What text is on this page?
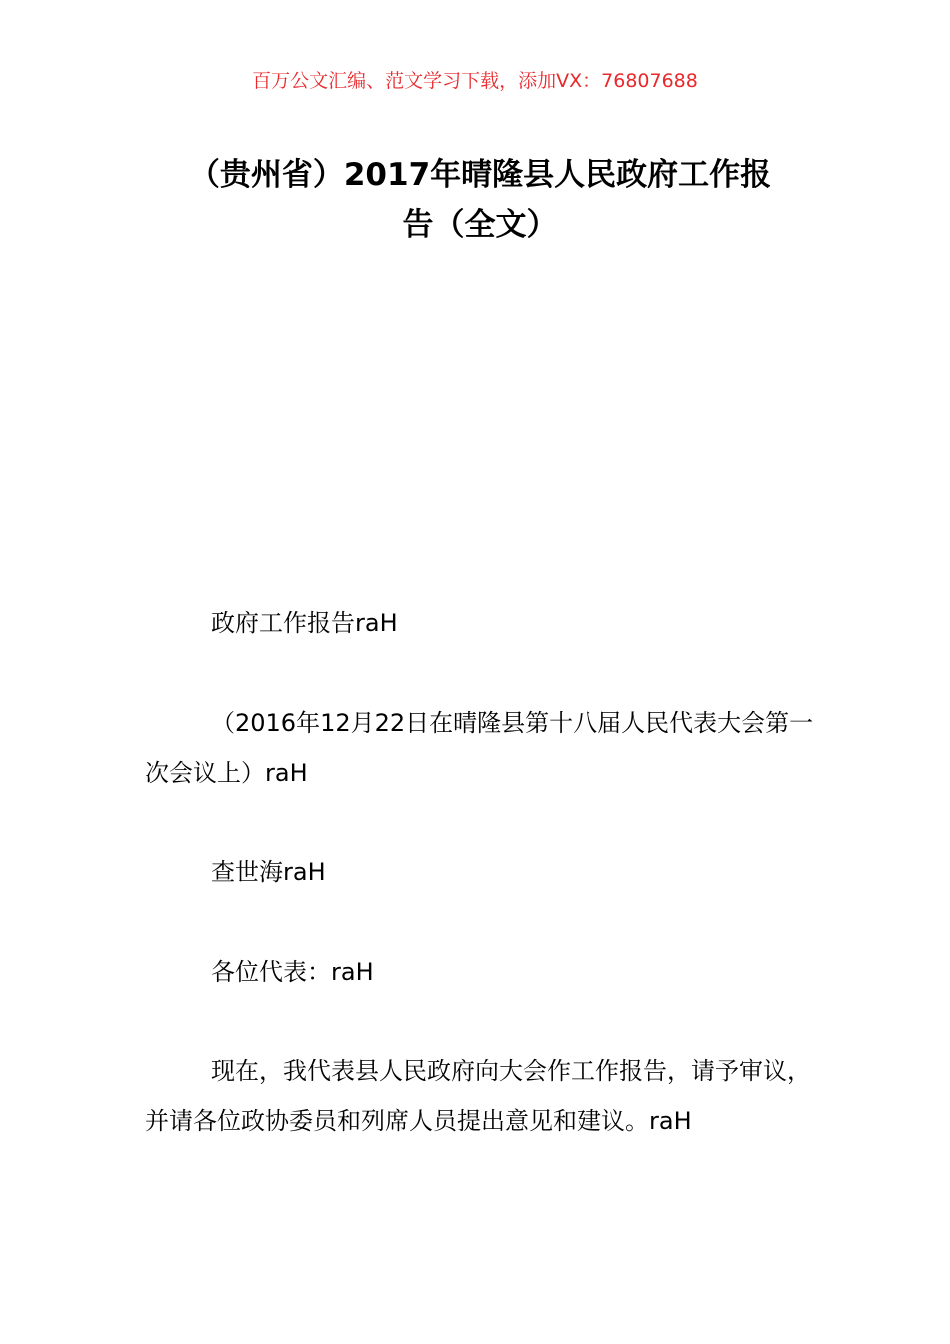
百万公文汇编、范文学习下载，添加VX：76807688
（贵州省）2017年晴隆县人民政府工作报
告（全文）

政府工作报告raH

（2016年12月22日在晴隆县第十八届人民代表大会第一次会议上）raH

查世海raH

各位代表：raH

现在，我代表县人民政府向大会作工作报告，请予审议，并请各位政协委员和列席人员提出意见和建议。raH
